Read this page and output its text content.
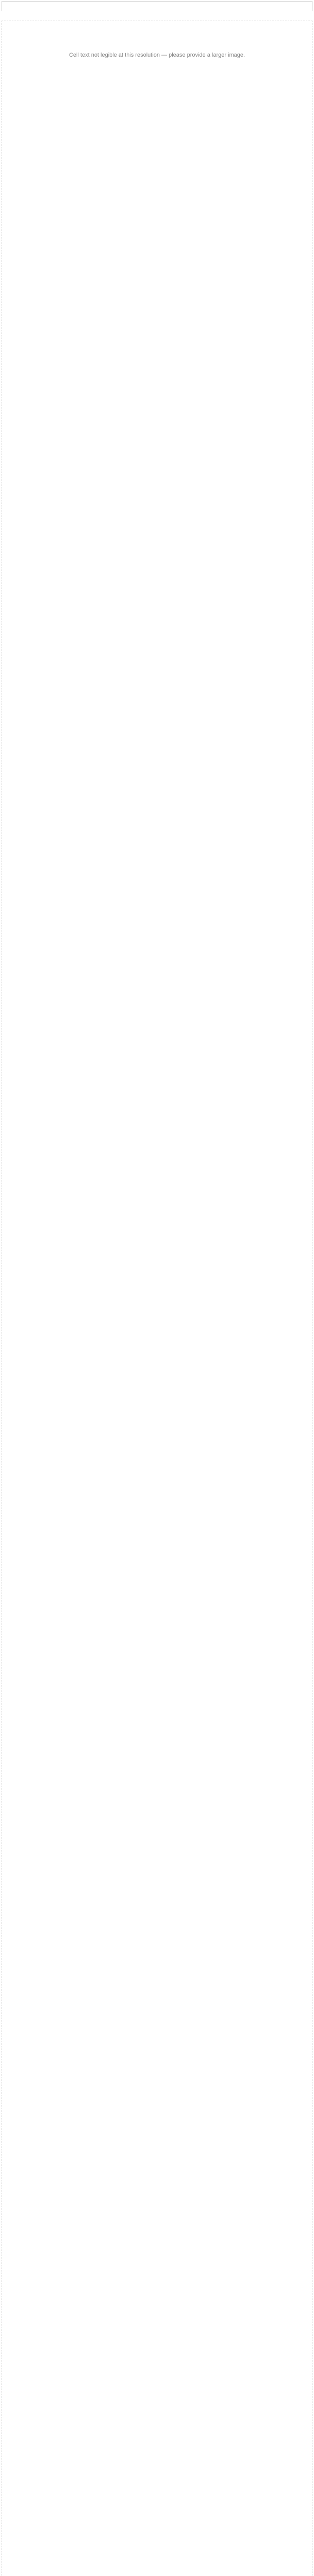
Cell text not legible at this resolution — please provide a larger image.
